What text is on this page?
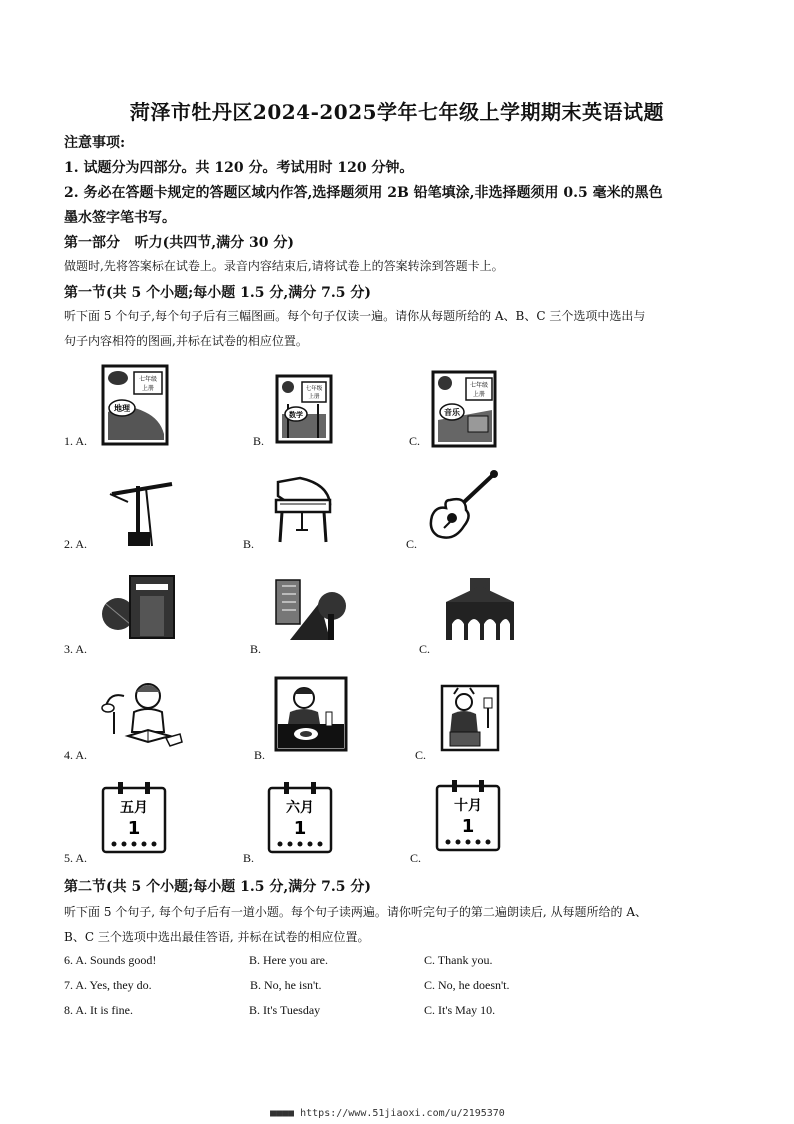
菏泽市牡丹区2024-2025学年七年级上学期期末英语试题
注意事项:
1. 试题分为四部分。共 120 分。考试用时 120 分钟。
2. 务必在答题卡规定的答题区域内作答,选择题须用 2B 铅笔填涂,非选择题须用 0.5 毫米的黑色
墨水签字笔书写。
第一部分   听力(共四节,满分 30 分)
做题时,先将答案标在试卷上。录音内容结束后,请将试卷上的答案转涂到答题卡上。
第一节(共 5 个小题;每小题 1.5 分,满分 7.5 分)
听下面 5 个句子,每个句子后有三幅图画。每个句子仅读一遍。请你从每题所给的 A、B、C 三个选项中选出与
句子内容相符的图画,并标在试卷的相应位置。
1. A.	B.	C.
七年级
上册
地理
七年级
上册
数学
七年级
上册
音乐
2. A.	B.	C.
3. A.	B.	C.
4. A.	B.	C.
5. A.	B.	C.
五月
1
六月
1
十月
1
第二节(共 5 个小题;每小题 1.5 分,满分 7.5 分)
听下面 5 个句子, 每个句子后有一道小题。每个句子读两遍。请你听完句子的第二遍朗读后, 从每题所给的 A、
B、C 三个选项中选出最佳答语, 并标在试卷的相应位置。
6. A. Sounds good!	B. Here you are.	C. Thank you.
7. A. Yes, they do.	B. No, he isn't.	C. No, he doesn't.
8. A. It is fine.	B. It's Tuesday	C. It's May 10.
■■■■ https://www.51jiaoxi.com/u/2195370
